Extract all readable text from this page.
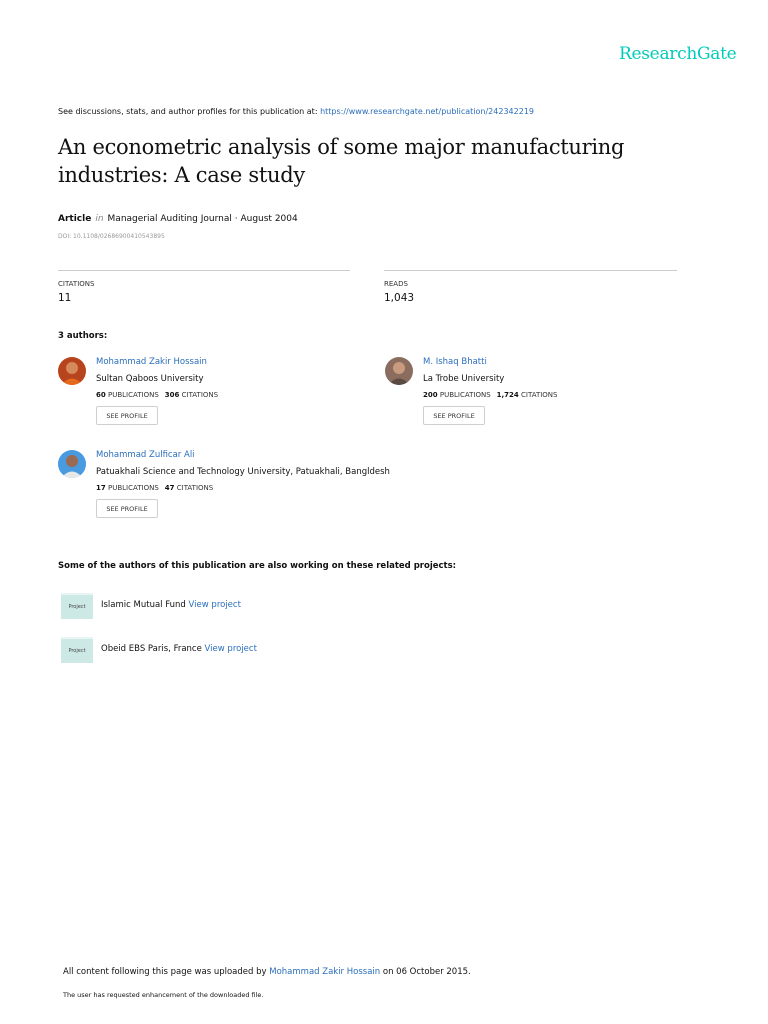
ResearchGate
See discussions, stats, and author profiles for this publication at: https://www.researchgate.net/publication/242342219
An econometric analysis of some major manufacturing industries: A case study
Article in Managerial Auditing Journal · August 2004
DOI: 10.1108/02686900410543895
CITATIONS
11
READS
1,043
3 authors:
Mohammad Zakir Hossain
Sultan Qaboos University
60 PUBLICATIONS 306 CITATIONS
SEE PROFILE
M. Ishaq Bhatti
La Trobe University
200 PUBLICATIONS 1,724 CITATIONS
SEE PROFILE
Mohammad Zulficar Ali
Patuakhali Science and Technology University, Patuakhali, Bangldesh
17 PUBLICATIONS 47 CITATIONS
SEE PROFILE
Some of the authors of this publication are also working on these related projects:
Project	Islamic Mutual Fund View project
Project	Obeid EBS Paris, France View project
All content following this page was uploaded by Mohammad Zakir Hossain on 06 October 2015.
The user has requested enhancement of the downloaded file.
